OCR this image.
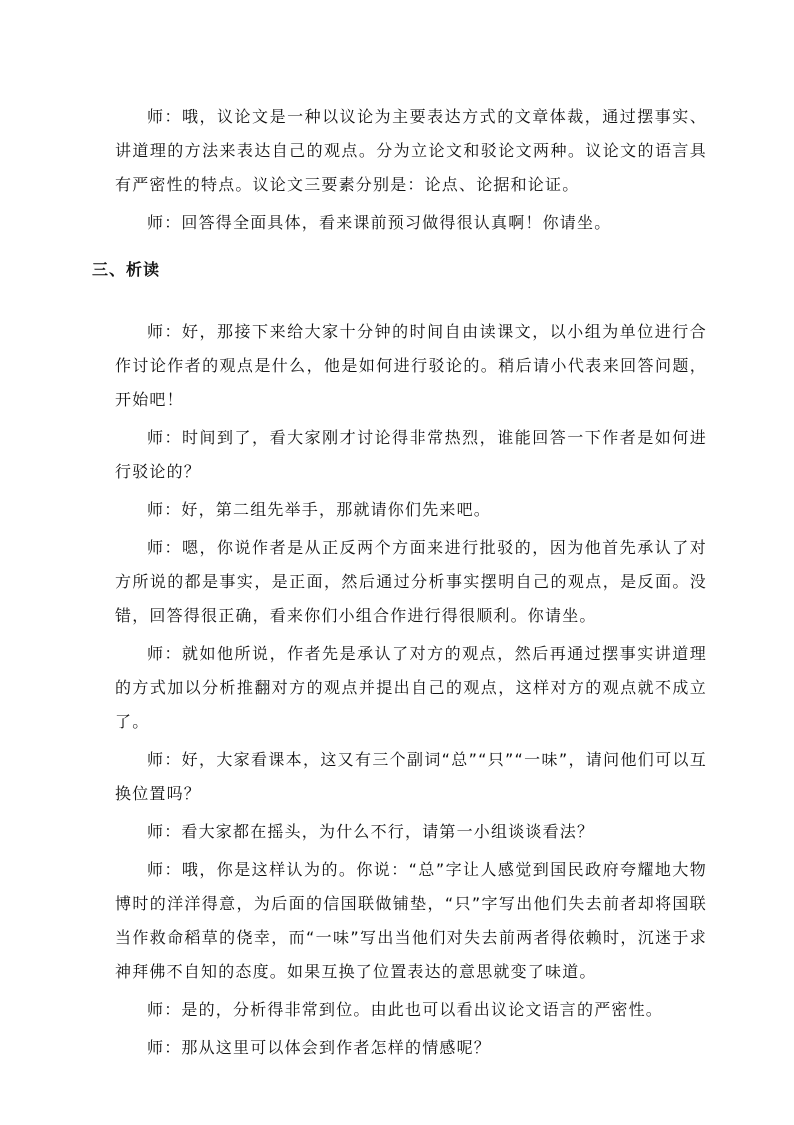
师：哦，议论文是一种以议论为主要表达方式的文章体裁，通过摆事实、讲道理的方法来表达自己的观点。分为立论文和驳论文两种。议论文的语言具有严密性的特点。议论文三要素分别是：论点、论据和论证。

师：回答得全面具体，看来课前预习做得很认真啊！你请坐。

三、析读

师：好，那接下来给大家十分钟的时间自由读课文，以小组为单位进行合作讨论作者的观点是什么，他是如何进行驳论的。稍后请小代表来回答问题，开始吧！

师：时间到了，看大家刚才讨论得非常热烈，谁能回答一下作者是如何进行驳论的？

师：好，第二组先举手，那就请你们先来吧。

师：嗯，你说作者是从正反两个方面来进行批驳的，因为他首先承认了对方所说的都是事实，是正面，然后通过分析事实摆明自己的观点，是反面。没错，回答得很正确，看来你们小组合作进行得很顺利。你请坐。

师：就如他所说，作者先是承认了对方的观点，然后再通过摆事实讲道理的方式加以分析推翻对方的观点并提出自己的观点，这样对方的观点就不成立了。

师：好，大家看课本，这又有三个副词“总”“只”“一味”，请问他们可以互换位置吗？

师：看大家都在摇头，为什么不行，请第一小组谈谈看法？

师：哦，你是这样认为的。你说：“总”字让人感觉到国民政府夸耀地大物博时的洋洋得意，为后面的信国联做铺垫，“只”字写出他们失去前者却将国联当作救命稻草的侥幸，而“一味”写出当他们对失去前两者得依赖时，沉迷于求神拜佛不自知的态度。如果互换了位置表达的意思就变了味道。

师：是的，分析得非常到位。由此也可以看出议论文语言的严密性。

师：那从这里可以体会到作者怎样的情感呢？
